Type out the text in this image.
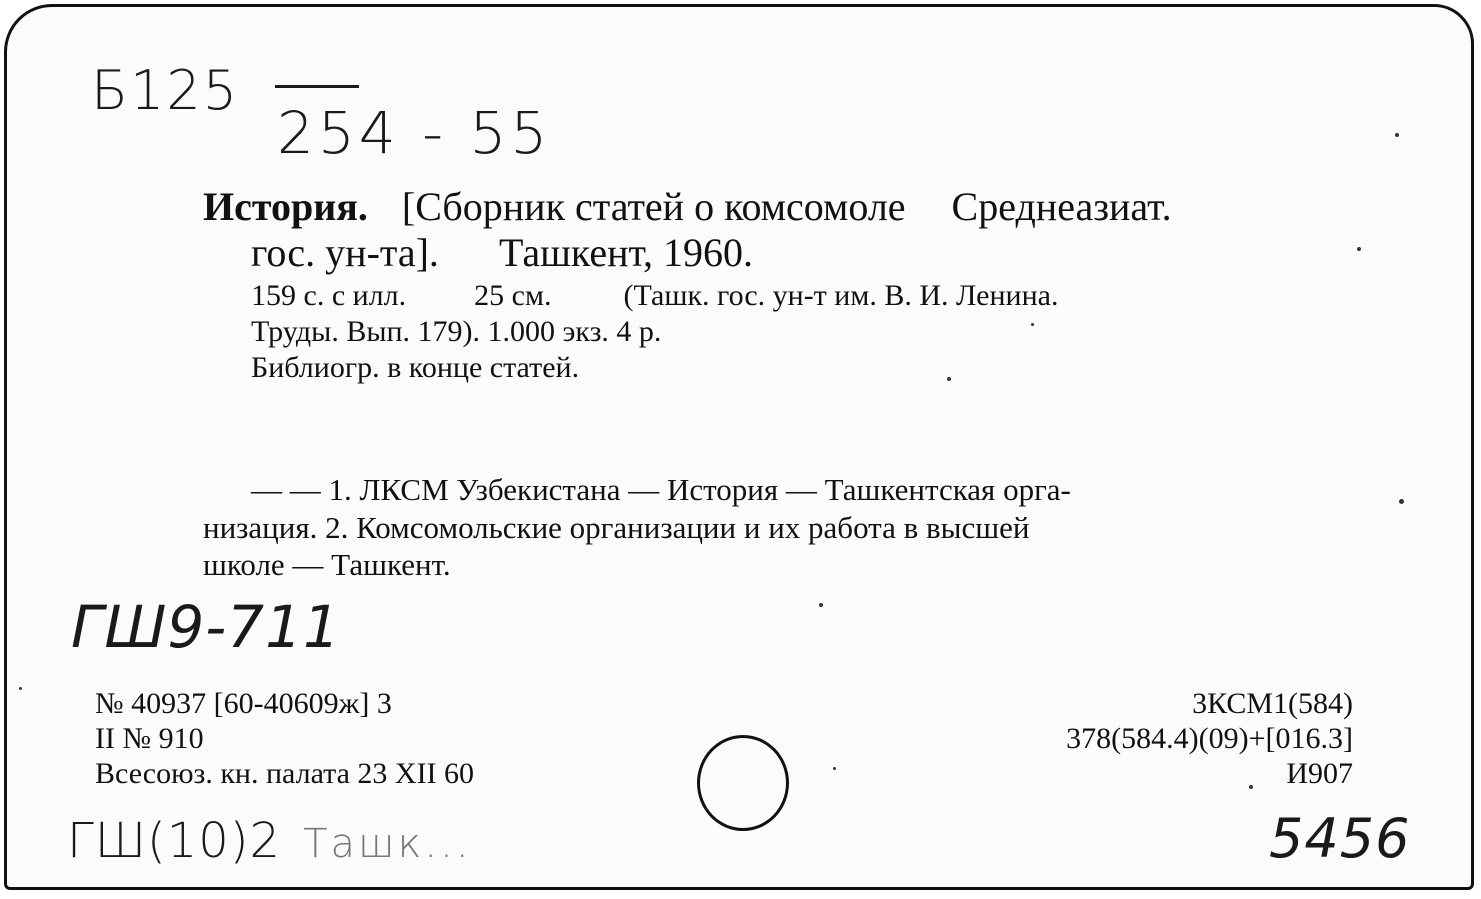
Б125
254 - 55
История. [Сборник статей о комсомоле Среднеазиат.
гос. ун-та]. Ташкент, 1960.
159 с. с илл. 25 см. (Ташк. гос. ун-т им. В. И. Ленина.
Труды. Вып. 179). 1.000 экз. 4 р.
Библиогр. в конце статей.
— — 1. ЛКСМ Узбекистана — История — Ташкентская орга-
низация. 2. Комсомольские организации и их работа в высшей
школе — Ташкент.
ГШ9-711
№ 40937 [60-40609ж] 3
II № 910
Всесоюз. кн. палата 23 XII 60
3КСМ1(584)
378(584.4)(09)+[016.3]
И907
ГШ(10)2 Ташк...	5456
